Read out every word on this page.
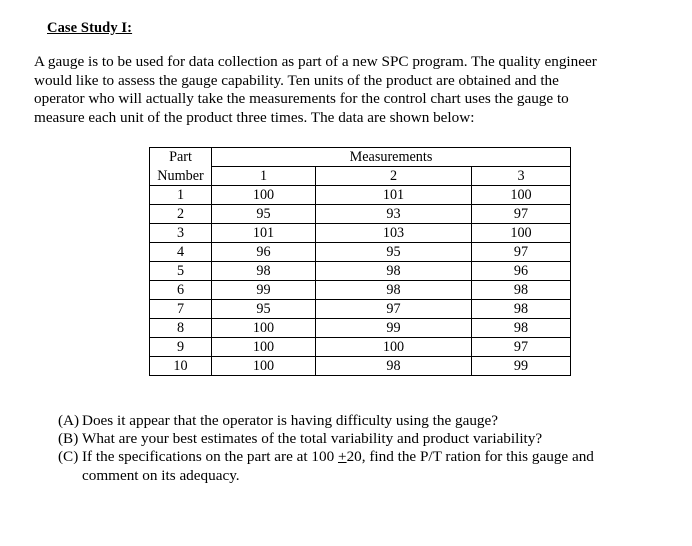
Case Study I:

A gauge is to be used for data collection as part of a new SPC program. The quality engineer

would like to assess the gauge capability. Ten units of the product are obtained and the

operator who will actually take the measurements for the control chart uses the gauge to

measure each unit of the product three times. The data are shown below:

Part	Measurements		
Number	1	2	3
1	100	101	100
2	95	93	97
3	101	103	100
4	96	95	97
5	98	98	96
6	99	98	98
7	95	97	98
8	100	99	98
9	100	100	97
10	100	98	99
(A) Does it appear that the operator is having difficulty using the gauge?
(B) What are your best estimates of the total variability and product variability?
(C) If the specifications on the part are at 100 +20, find the P/T ration for this gauge and
comment on its adequacy.
